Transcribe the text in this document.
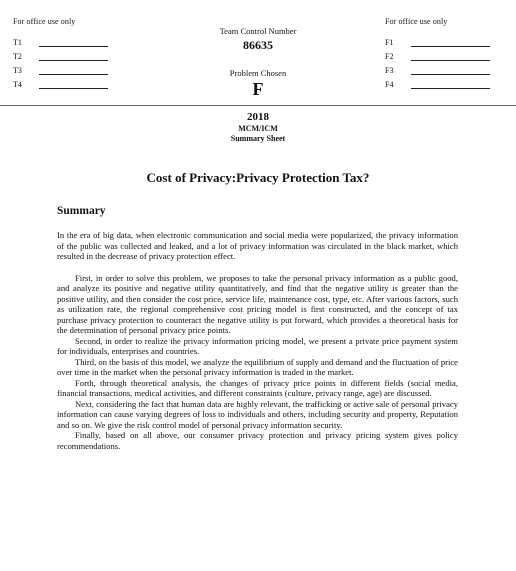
For office use only
T1
T2
T3
T4
Team Control Number
86635
Problem Chosen
F
For office use only
F1
F2
F3
F4
2018
MCM/ICM
Summary Sheet
Cost of Privacy:Privacy Protection Tax?
Summary

In the era of big data, when electronic communication and social media were popularized, the privacy information of the public was collected and leaked, and a lot of privacy information was circulated in the black market, which resulted in the decrease of privacy protection effect.

First, in order to solve this problem, we proposes to take the personal privacy information as a public good, and analyze its positive and negative utility quantitatively, and find that the negative utility is greater than the positive utility, and then consider the cost price, service life, maintenance cost, type, etc. After various factors, such as utilization rate, the regional comprehensive cost pricing model is first constructed, and the concept of tax purchase privacy protection to counteract the negative utility is put forward, which provides a theoretical basis for the determination of personal privacy price points.

Second, in order to realize the privacy information pricing model, we present a private price payment system for individuals, enterprises and countries.

Third, on the basis of this model, we analyze the equilibrium of supply and demand and the fluctuation of price over time in the market when the personal privacy information is traded in the market.

Forth, through theoretical analysis, the changes of privacy price points in different fields (social media, financial transactions, medical activities, and different constraints (culture, privacy range, age) are discussed.

Next, considering the fact that human data are highly relevant, the trafficking or active sale of personal privacy information can cause varying degrees of loss to individuals and others, including security and property, Reputation and so on. We give the risk control model of personal privacy information security.

Finally, based on all above, our consumer privacy protection and privacy pricing system gives policy recommendations.
